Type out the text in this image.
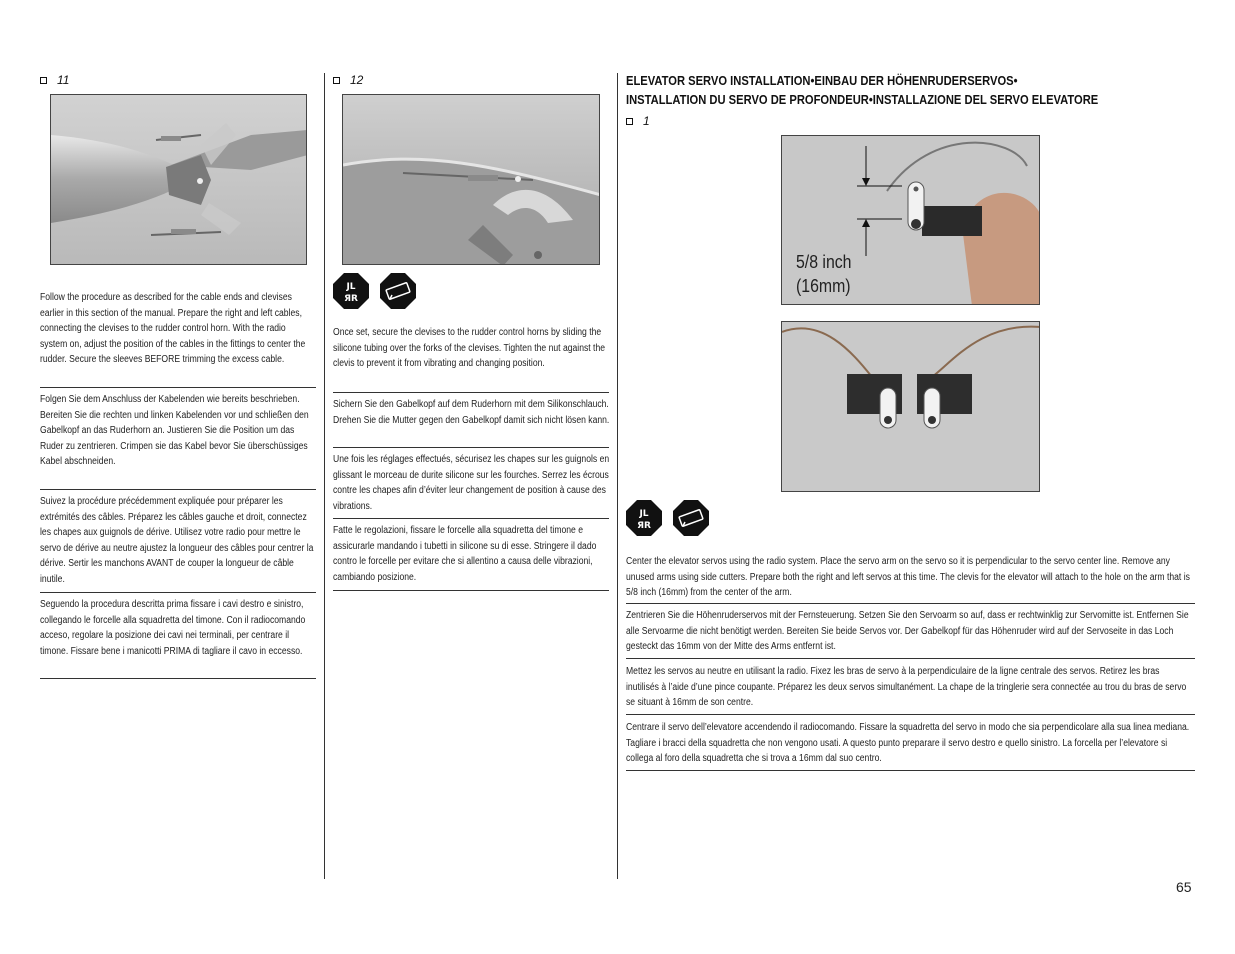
11

Follow the procedure as described for the cable ends and clevises earlier in this section of the manual. Prepare the right and left cables, connecting the clevises to the rudder control horn. With the radio system on, adjust the position of the cables in the fittings to center the rudder. Secure the sleeves BEFORE trimming the excess cable.

Folgen Sie dem Anschluss der Kabelenden wie bereits beschrieben. Bereiten Sie die rechten und linken Kabelenden vor und schließen den Gabelkopf an das Ruderhorn an. Justieren Sie die Position um das Ruder zu zentrieren. Crimpen sie das Kabel bevor Sie überschüssiges Kabel abschneiden.

Suivez la procédure précédemment expliquée pour préparer les extrémités des câbles. Préparez les câbles gauche et droit, connectez les chapes aux guignols de dérive. Utilisez votre radio pour mettre le servo de dérive au neutre ajustez la longueur des câbles pour centrer la dérive. Sertir les manchons AVANT de couper la longueur de câble inutile.

Seguendo la procedura descritta prima fissare i cavi destro e sinistro, collegando le forcelle alla squadretta del timone. Con il radiocomando acceso, regolare la posizione dei cavi nei terminali, per centrare il timone. Fissare bene i manicotti PRIMA di tagliare il cavo in eccesso.

12
JL
ЯR

Once set, secure the clevises to the rudder control horns by sliding the silicone tubing over the forks of the clevises. Tighten the nut against the clevis to prevent it from vibrating and changing position.

Sichern Sie den Gabelkopf auf dem Ruderhorn mit dem Silikonschlauch. Drehen Sie die Mutter gegen den Gabelkopf damit sich nicht lösen kann.

Une fois les réglages effectués, sécurisez les chapes sur les guignols en glissant le morceau de durite silicone sur les fourches. Serrez les écrous contre les chapes afin d’éviter leur changement de position à cause des vibrations.

Fatte le regolazioni, fissare le forcelle alla squadretta del timone e assicurarle mandando i tubetti in silicone su di esse. Stringere il dado contro le forcelle per evitare che si allentino a causa delle vibrazioni, cambiando posizione.

ELEVATOR SERVO INSTALLATION•EINBAU DER HÖHENRUDERSERVOS•
INSTALLATION DU SERVO DE PROFONDEUR•INSTALLAZIONE DEL SERVO ELEVATORE
1
5/8 inch
(16mm)
JL
ЯR

Center the elevator servos using the radio system. Place the servo arm on the servo so it is perpendicular to the servo center line. Remove any unused arms using side cutters. Prepare both the right and left servos at this time. The clevis for the elevator will attach to the hole on the arm that is 5/8 inch (16mm) from the center of the arm.

Zentrieren Sie die Höhenruderservos mit der Fernsteuerung. Setzen Sie den Servoarm so auf, dass er rechtwinklig zur Servomitte ist. Entfernen Sie alle Servoarme die nicht benötigt werden. Bereiten Sie beide Servos vor. Der Gabelkopf für das Höhenruder wird auf der Servoseite in das Loch gesteckt das 16mm von der Mitte des Arms entfernt ist.

Mettez les servos au neutre en utilisant la radio. Fixez les bras de servo à la perpendiculaire de la ligne centrale des servos. Retirez les bras inutilisés à l’aide d’une pince coupante. Préparez les deux servos simultanément. La chape de la tringlerie sera connectée au trou du bras de servo se situant à 16mm de son centre.

Centrare il servo dell’elevatore accendendo il radiocomando. Fissare la squadretta del servo in modo che sia perpendicolare alla sua linea mediana. Tagliare i bracci della squadretta che non vengono usati. A questo punto preparare il servo destro e quello sinistro. La forcella per l’elevatore si collega al foro della squadretta che si trova a 16mm dal suo centro.

65
